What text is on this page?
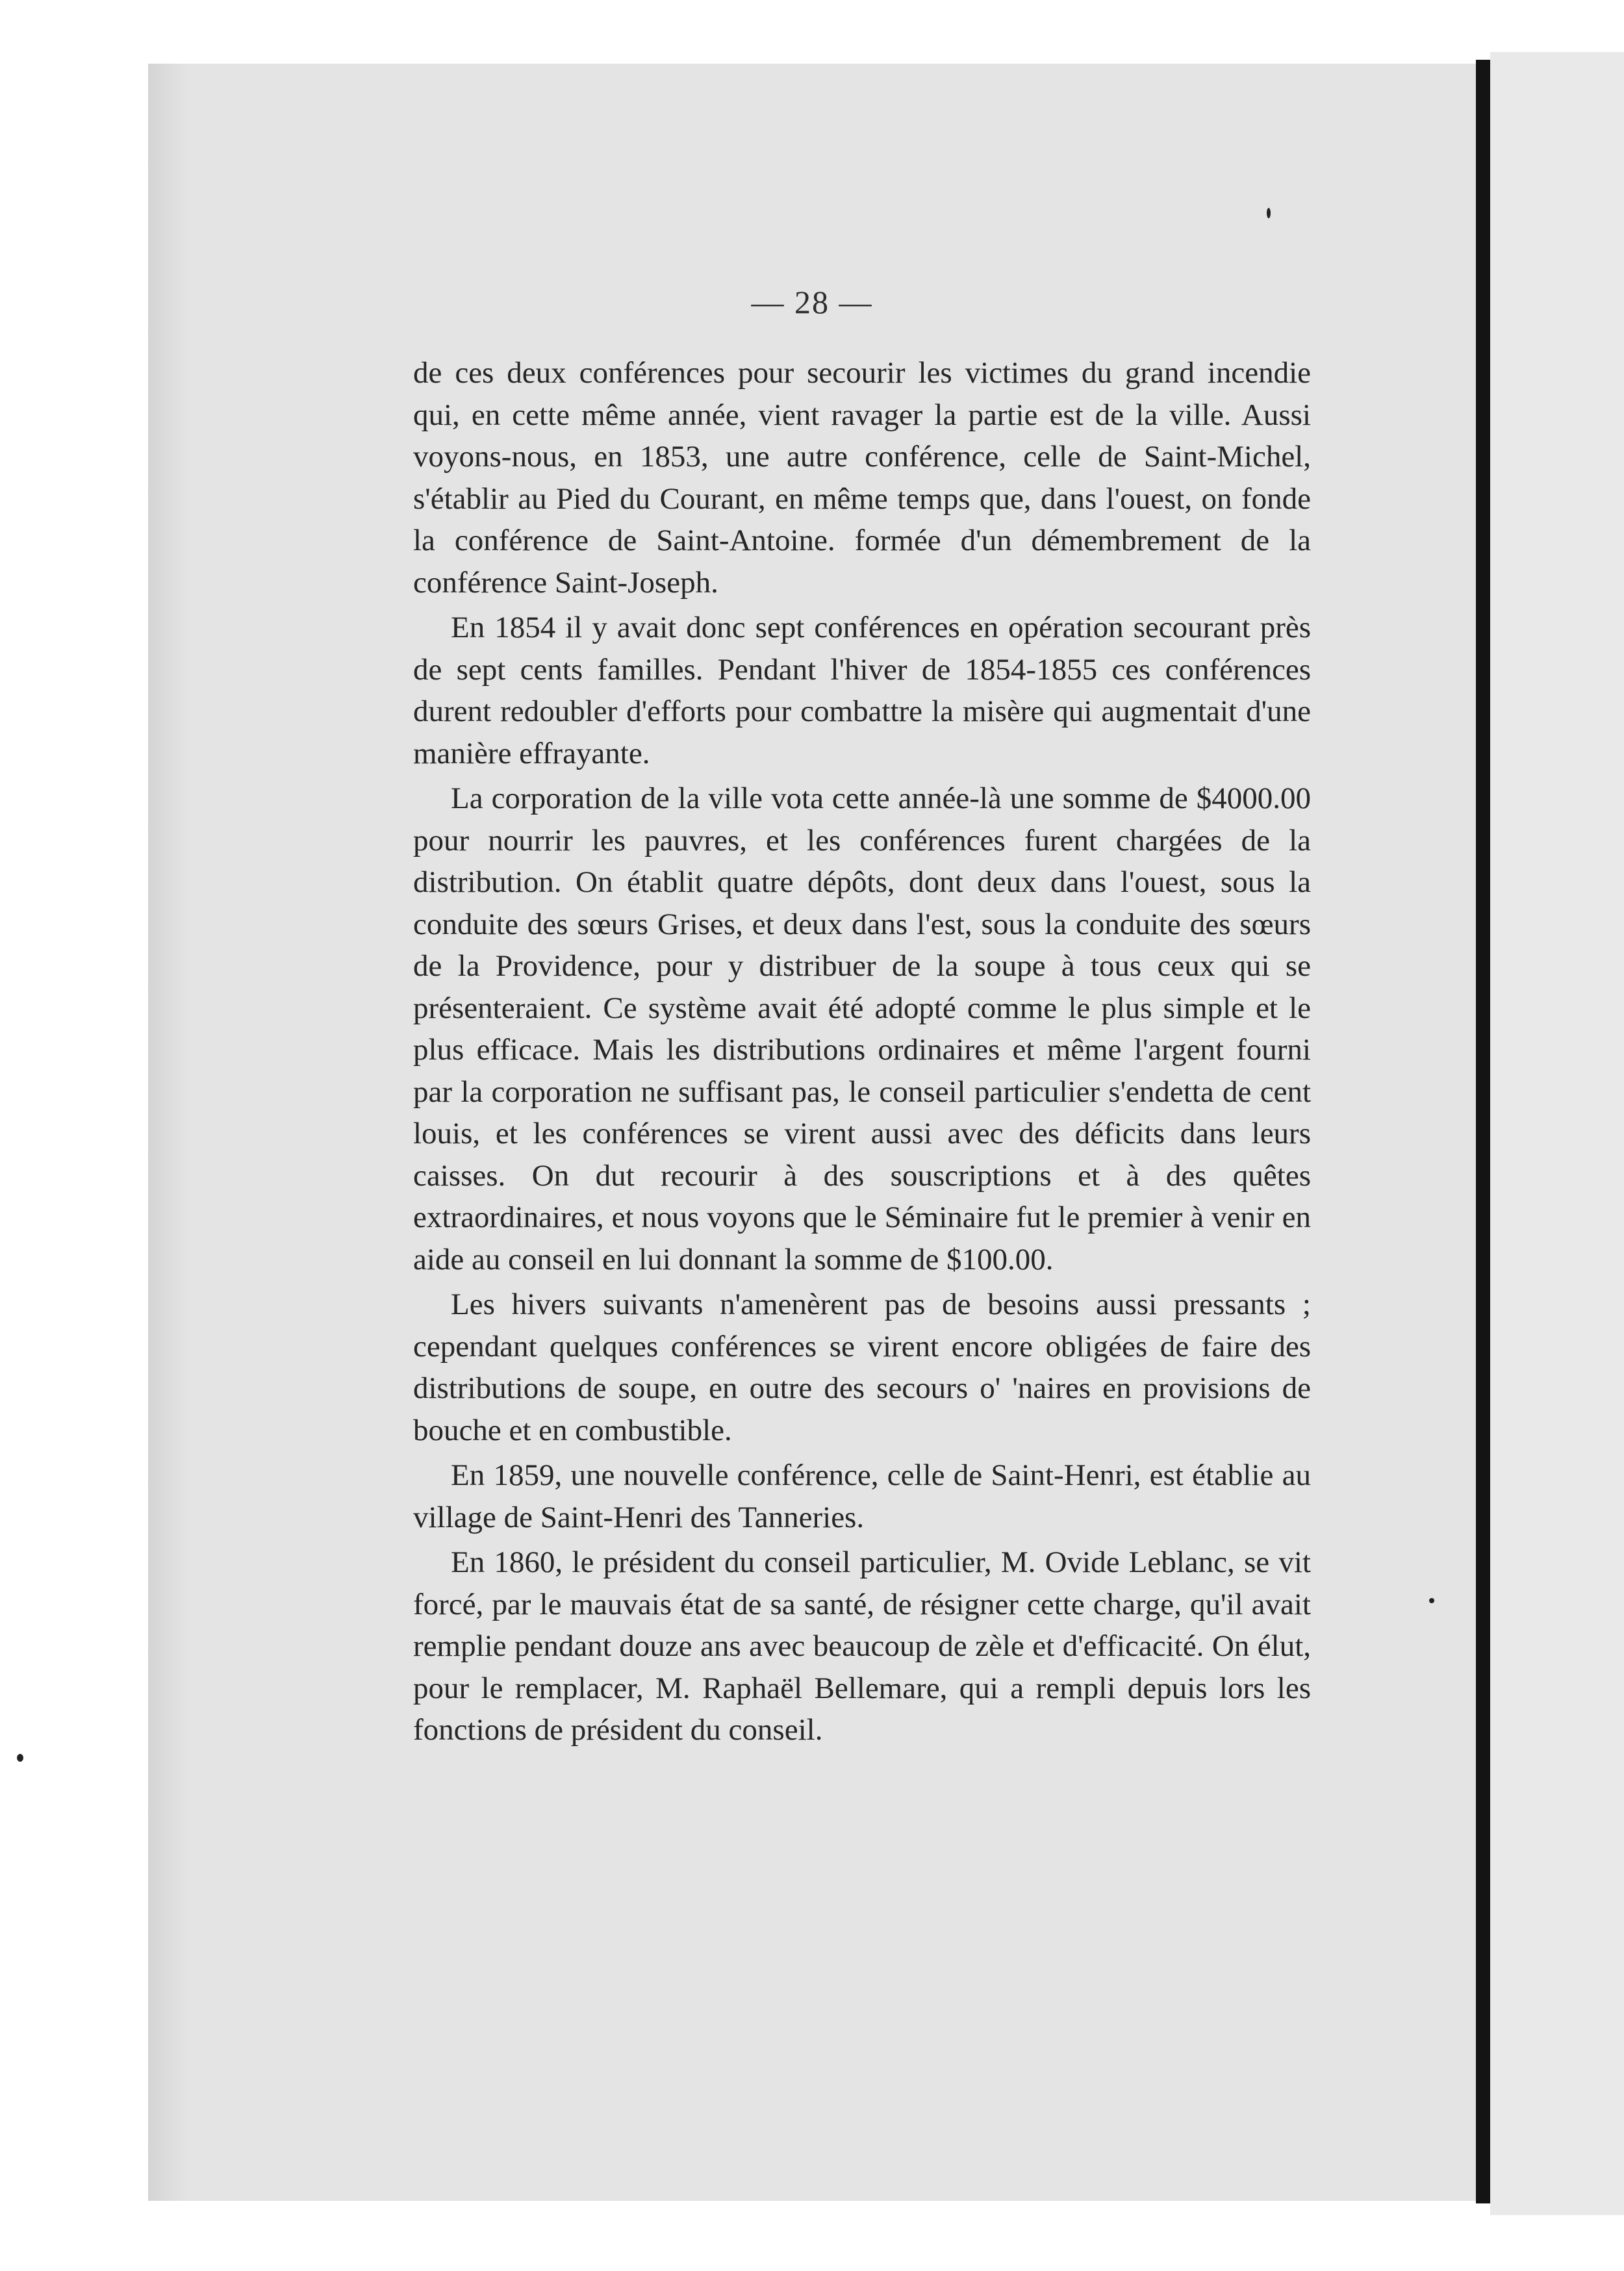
— 28 —

de ces deux conférences pour secourir les victimes du grand incendie qui, en cette même année, vient ravager la partie est de la ville. Aussi voyons-nous, en 1853, une autre conférence, celle de Saint-Michel, s'établir au Pied du Courant, en même temps que, dans l'ouest, on fonde la conférence de Saint-Antoine. formée d'un démembrement de la conférence Saint-Joseph.

En 1854 il y avait donc sept conférences en opération secourant près de sept cents familles. Pendant l'hiver de 1854-1855 ces conférences durent redoubler d'efforts pour combattre la misère qui augmentait d'une manière effrayante.

La corporation de la ville vota cette année-là une somme de $4000.00 pour nourrir les pauvres, et les conférences furent chargées de la distribution. On établit quatre dépôts, dont deux dans l'ouest, sous la conduite des sœurs Grises, et deux dans l'est, sous la conduite des sœurs de la Providence, pour y distribuer de la soupe à tous ceux qui se présenteraient. Ce système avait été adopté comme le plus simple et le plus efficace. Mais les distributions ordinaires et même l'argent fourni par la corporation ne suffisant pas, le conseil particulier s'endetta de cent louis, et les conférences se virent aussi avec des déficits dans leurs caisses. On dut recourir à des souscriptions et à des quêtes extraordinaires, et nous voyons que le Séminaire fut le premier à venir en aide au conseil en lui donnant la somme de $100.00.

Les hivers suivants n'amenèrent pas de besoins aussi pressants ; cependant quelques conférences se virent encore obligées de faire des distributions de soupe, en outre des secours o' 'naires en provisions de bouche et en combustible.

En 1859, une nouvelle conférence, celle de Saint-Henri, est établie au village de Saint-Henri des Tanneries.

En 1860, le président du conseil particulier, M. Ovide Leblanc, se vit forcé, par le mauvais état de sa santé, de résigner cette charge, qu'il avait remplie pendant douze ans avec beaucoup de zèle et d'efficacité. On élut, pour le remplacer, M. Raphaël Bellemare, qui a rempli depuis lors les fonctions de président du conseil.
